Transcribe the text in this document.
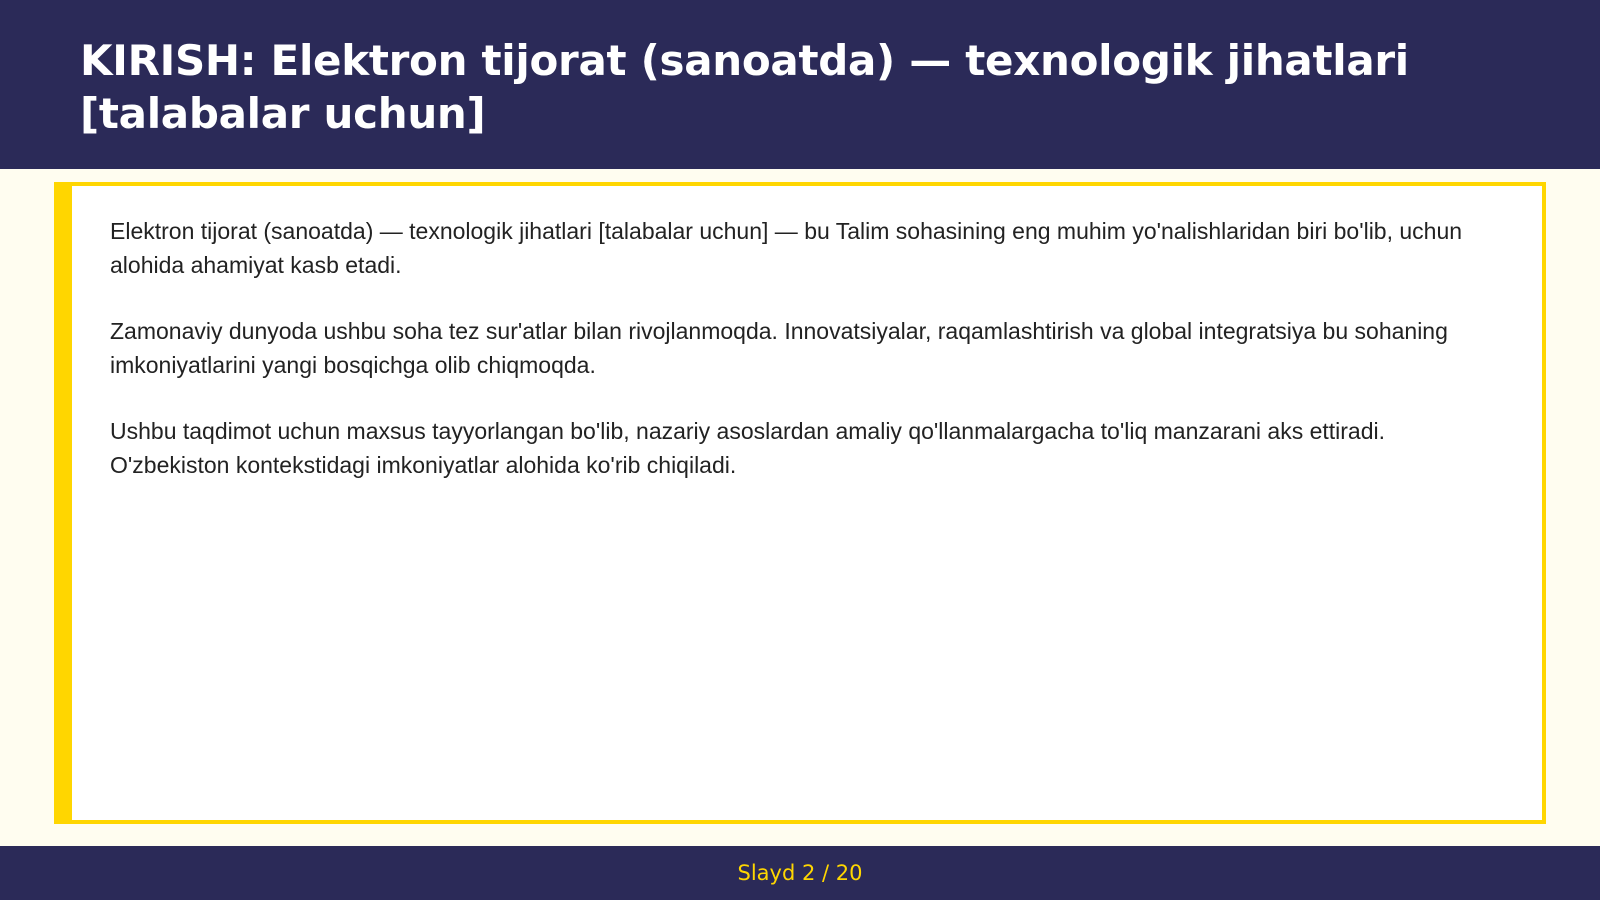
KIRISH: Elektron tijorat (sanoatda) — texnologik jihatlari [talabalar uchun]

Elektron tijorat (sanoatda) — texnologik jihatlari [talabalar uchun] — bu Talim sohasining eng muhim yo'nalishlaridan biri bo'lib, uchun alohida ahamiyat kasb etadi.

Zamonaviy dunyoda ushbu soha tez sur'atlar bilan rivojlanmoqda. Innovatsiyalar, raqamlashtirish va global integratsiya bu sohaning imkoniyatlarini yangi bosqichga olib chiqmoqda.

Ushbu taqdimot uchun maxsus tayyorlangan bo'lib, nazariy asoslardan amaliy qo'llanmalargacha to'liq manzarani aks ettiradi. O'zbekiston kontekstidagi imkoniyatlar alohida ko'rib chiqiladi.

Slayd 2 / 20
